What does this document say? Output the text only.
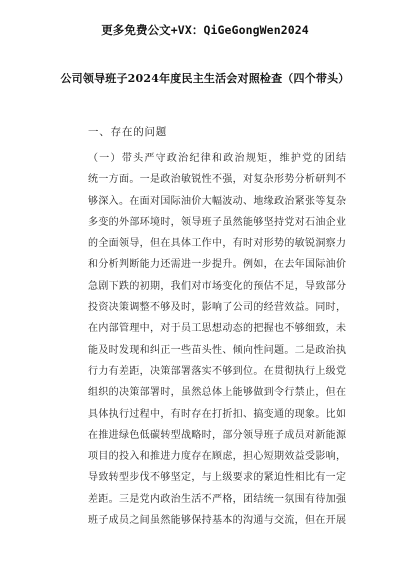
更多免费公文+VX：QiGeGongWen2024
公司领导班子2024年度民主生活会对照检查（四个带头）
一、存在的问题
（一）带头严守政治纪律和政治规矩，维护党的团结
统一方面。一是政治敏锐性不强，对复杂形势分析研判不
够深入。在面对国际油价大幅波动、地缘政治紧张等复杂
多变的外部环境时，领导班子虽然能够坚持党对石油企业
的全面领导，但在具体工作中，有时对形势的敏锐洞察力
和分析判断能力还需进一步提升。例如，在去年国际油价
急剧下跌的初期，我们对市场变化的预估不足，导致部分
投资决策调整不够及时，影响了公司的经营效益。同时，
在内部管理中，对于员工思想动态的把握也不够细致，未
能及时发现和纠正一些苗头性、倾向性问题。二是政治执
行力有差距，决策部署落实不够到位。在贯彻执行上级党
组织的决策部署时，虽然总体上能够做到令行禁止，但在
具体执行过程中，有时存在打折扣、搞变通的现象。比如
在推进绿色低碳转型战略时，部分领导班子成员对新能源
项目的投入和推进力度存在顾虑，担心短期效益受影响，
导致转型步伐不够坚定，与上级要求的紧迫性相比有一定
差距。三是党内政治生活不严格，团结统一氛围有待加强
班子成员之间虽然能够保持基本的沟通与交流，但在开展
